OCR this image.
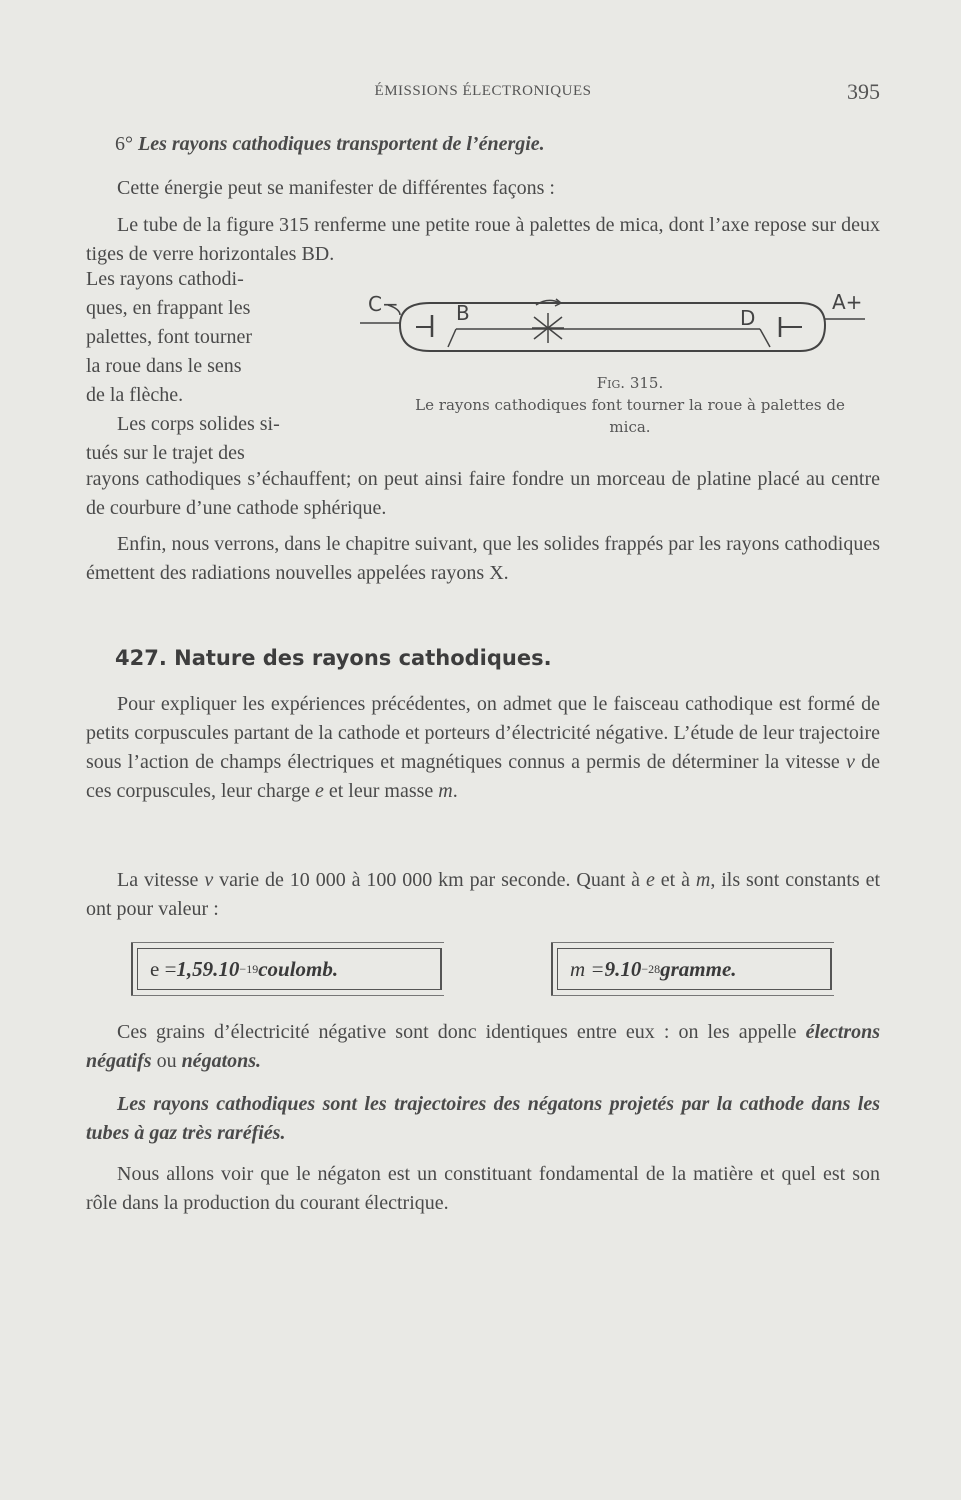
ÉMISSIONS ÉLECTRONIQUES	395
6° Les rayons cathodiques transportent de l’énergie.
Cette énergie peut se manifester de différentes façons :
Le tube de la figure 315 renferme une petite roue à palettes de mica, dont l’axe repose sur deux tiges de verre horizontales BD.
Les rayons cathodi-
ques, en frappant les
palettes, font tourner
la roue dans le sens
de la flèche.
C−	B	D
A+
Fig. 315.
Le rayons cathodiques font tourner la roue à palettes de mica.
Les corps solides si-
tués sur le trajet des
rayons cathodiques s’échauffent; on peut ainsi faire fondre un morceau de platine placé au centre de courbure d’une cathode sphérique.
Enfin, nous verrons, dans le chapitre suivant, que les solides frappés par les rayons cathodiques émettent des radiations nouvelles appelées rayons X.
427. Nature des rayons cathodiques.
Pour expliquer les expériences précédentes, on admet que le faisceau cathodique est formé de petits corpuscules partant de la cathode et porteurs d’électricité négative. L’étude de leur trajectoire sous l’action de champs électriques et magnétiques connus a permis de déterminer la vitesse v de ces corpuscules, leur charge e et leur masse m.
La vitesse v varie de 10 000 à 100 000 km par seconde. Quant à e et à m, ils sont constants et ont pour valeur :
e = 1,59.10 −19 coulomb.	m = 9.10 −28 gramme.
Ces grains d’électricité négative sont donc identiques entre eux : on les appelle électrons négatifs ou négatons.
Les rayons cathodiques sont les trajectoires des négatons projetés par la cathode dans les tubes à gaz très raréfiés.
Nous allons voir que le négaton est un constituant fondamental de la matière et quel est son rôle dans la production du courant électrique.
